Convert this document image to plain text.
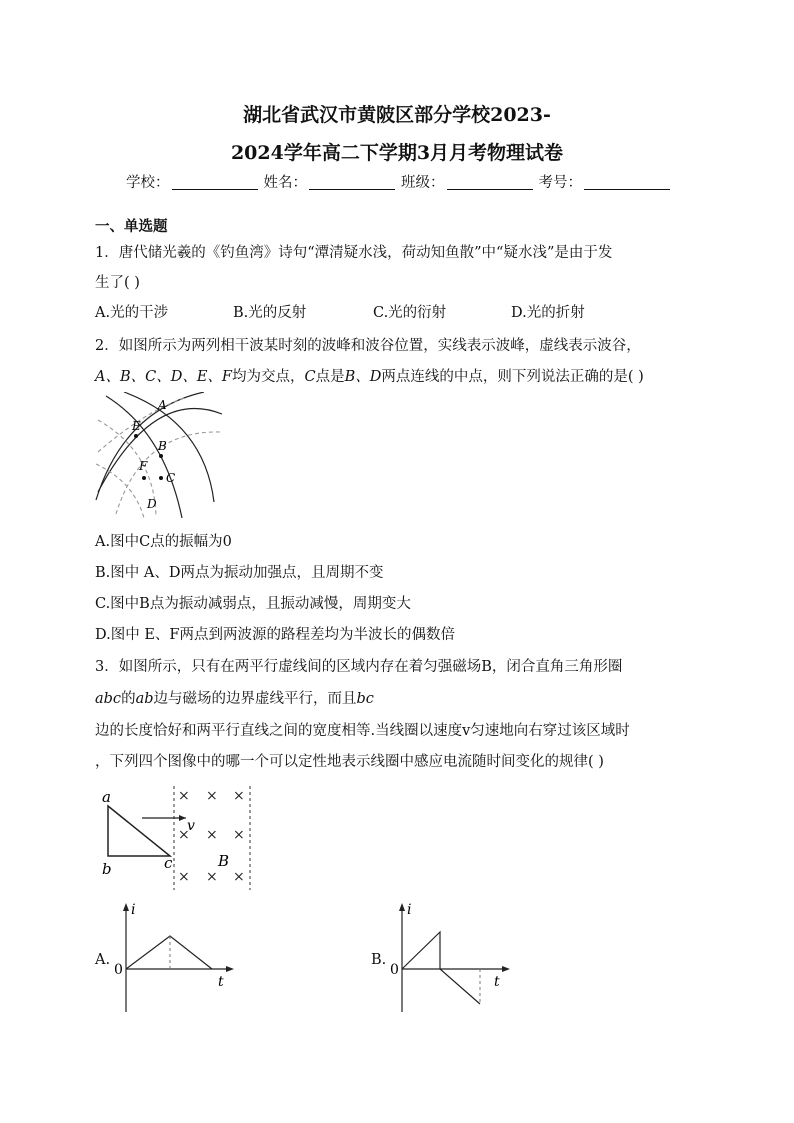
湖北省武汉市黄陂区部分学校2023-
2024学年高二下学期3月月考物理试卷
学校：	姓名：	班级：	考号：
一、单选题
1．唐代储光羲的《钓鱼湾》诗句“潭清疑水浅，荷动知鱼散”中“疑水浅”是由于发
生了( )
A.光的干涉	B.光的反射	C.光的衍射	D.光的折射
2．如图所示为两列相干波某时刻的波峰和波谷位置，实线表示波峰，虚线表示波谷，
A、B、C、D、E、F均为交点，C点是B、D两点连线的中点，则下列说法正确的是( )
A
E
B
F
C
D
A.图中C点的振幅为0
B.图中 A、D两点为振动加强点，且周期不变
C.图中B点为振动减弱点，且振动减慢，周期变大
D.图中 E、F两点到两波源的路程差均为半波长的偶数倍
3．如图所示，只有在两平行虚线间的区域内存在着匀强磁场B，闭合直角三角形圈
abc的ab边与磁场的边界虚线平行，而且bc
边的长度恰好和两平行直线之间的宽度相等.当线圈以速度v匀速地向右穿过该区域时
，下列四个图像中的哪一个可以定性地表示线圈中感应电流随时间变化的规律( )
× × ×
× × ×
× × ×
a
b	c
v
B
A.
i
t
0
B.
i
t
0
